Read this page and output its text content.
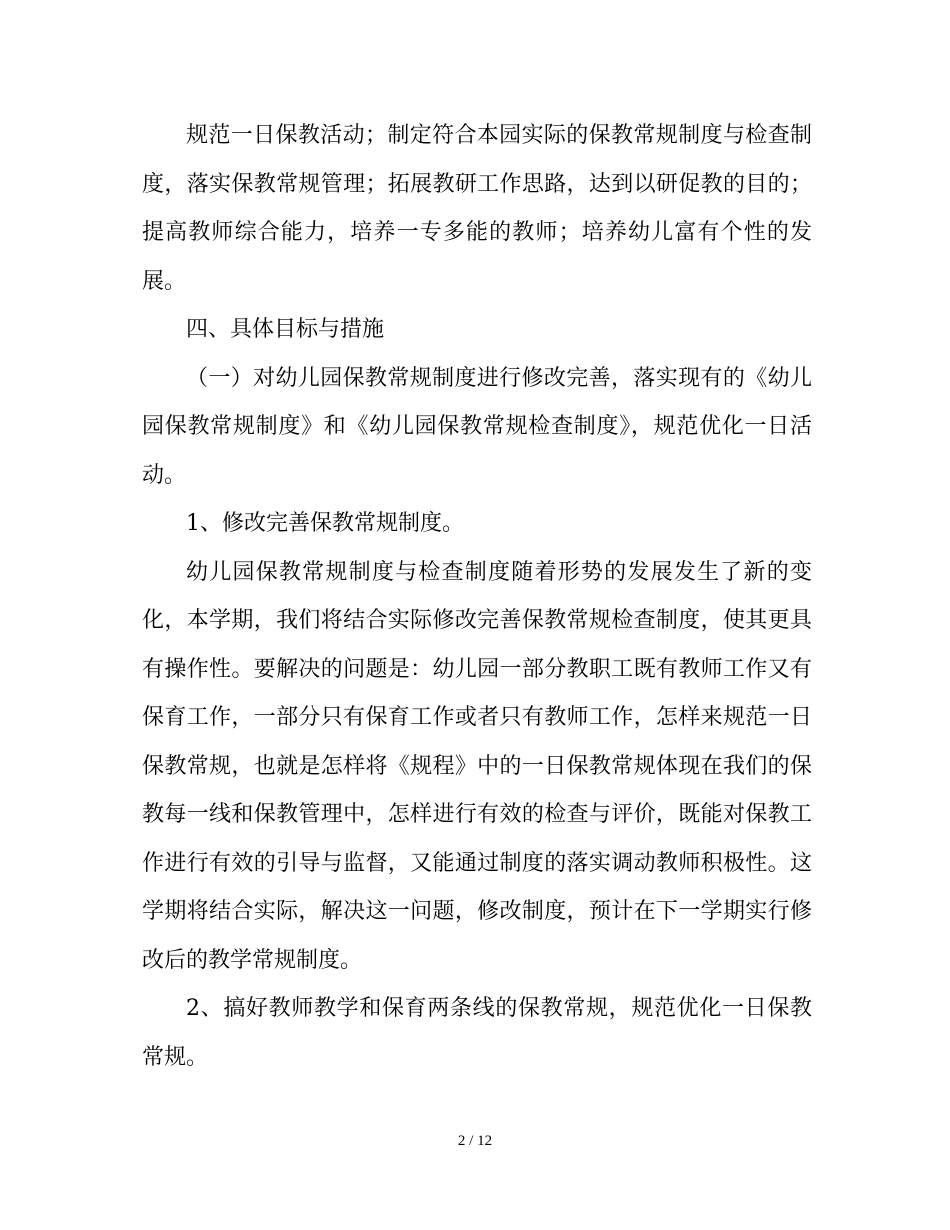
规范一日保教活动；制定符合本园实际的保教常规制度与检查制度，落实保教常规管理；拓展教研工作思路，达到以研促教的目的；提高教师综合能力，培养一专多能的教师；培养幼儿富有个性的发展。

四、具体目标与措施

（一）对幼儿园保教常规制度进行修改完善，落实现有的《幼儿园保教常规制度》和《幼儿园保教常规检查制度》，规范优化一日活动。

1、修改完善保教常规制度。

幼儿园保教常规制度与检查制度随着形势的发展发生了新的变化，本学期，我们将结合实际修改完善保教常规检查制度，使其更具有操作性。要解决的问题是：幼儿园一部分教职工既有教师工作又有保育工作，一部分只有保育工作或者只有教师工作，怎样来规范一日保教常规，也就是怎样将《规程》中的一日保教常规体现在我们的保教每一线和保教管理中，怎样进行有效的检查与评价，既能对保教工作进行有效的引导与监督，又能通过制度的落实调动教师积极性。这学期将结合实际，解决这一问题，修改制度，预计在下一学期实行修改后的教学常规制度。

2、搞好教师教学和保育两条线的保教常规，规范优化一日保教常规。

2 / 12
